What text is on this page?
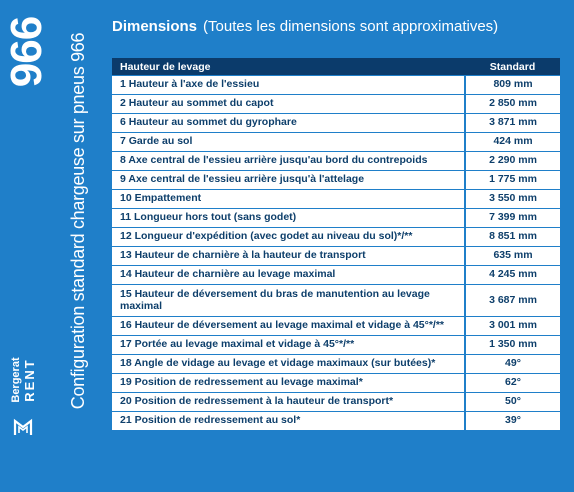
966 Configuration standard chargeuse sur pneus 966
Bergerat RENT
Dimensions (Toutes les dimensions sont approximatives)
Hauteur de levage	Standard
1 Hauteur à l'axe de l'essieu	809 mm
2 Hauteur au sommet du capot	2 850 mm
6 Hauteur au sommet du gyrophare	3 871 mm
7 Garde au sol	424 mm
8 Axe central de l'essieu arrière jusqu'au bord du contrepoids	2 290 mm
9 Axe central de l'essieu arrière jusqu'à l'attelage	1 775 mm
10 Empattement	3 550 mm
11 Longueur hors tout (sans godet)	7 399 mm
12 Longueur d'expédition (avec godet au niveau du sol)*/**	8 851 mm
13 Hauteur de charnière à la hauteur de transport	635 mm
14 Hauteur de charnière au levage maximal	4 245 mm
15 Hauteur de déversement du bras de manutention au levage maximal	3 687 mm
16 Hauteur de déversement au levage maximal et vidage à 45°*/**	3 001 mm
17 Portée au levage maximal et vidage à 45°*/**	1 350 mm
18 Angle de vidage au levage et vidage maximaux (sur butées)*	49°
19 Position de redressement au levage maximal*	62°
20 Position de redressement à la hauteur de transport*	50°
21 Position de redressement au sol*	39°
